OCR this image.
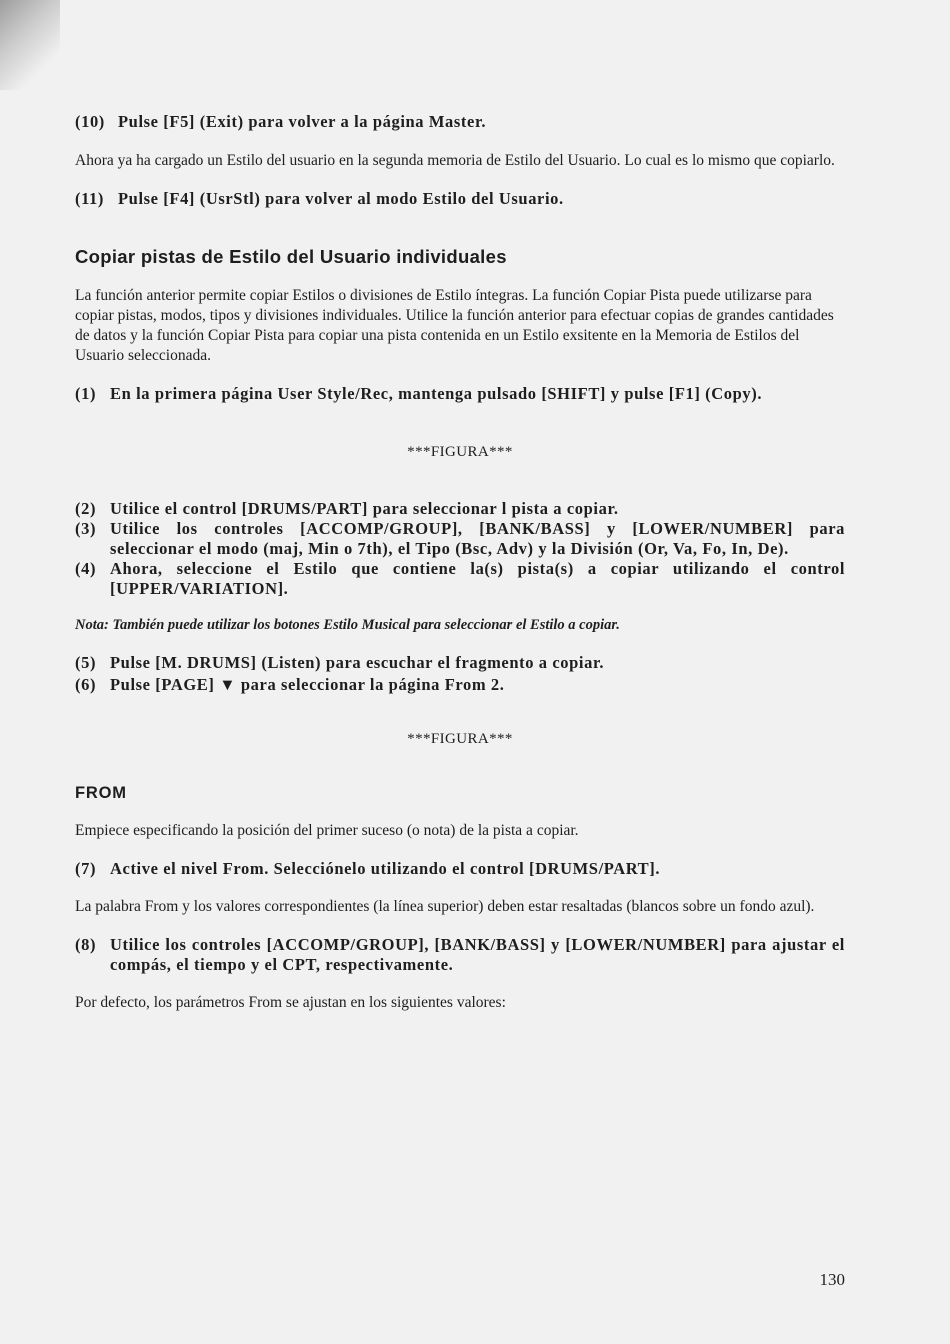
(10) Pulse [F5] (Exit) para volver a la página Master.

Ahora ya ha cargado un Estilo del usuario en la segunda memoria de Estilo del Usuario. Lo cual es lo mismo que copiarlo.

(11) Pulse [F4] (UsrStl) para volver al modo Estilo del Usuario.
Copiar pistas de Estilo del Usuario individuales

La función anterior permite copiar Estilos o divisiones de Estilo íntegras. La función Copiar Pista puede utilizarse para copiar pistas, modos, tipos y divisiones individuales. Utilice la función anterior para efectuar copias de grandes cantidades de datos y la función Copiar Pista para copiar una pista contenida en un Estilo exsitente en la Memoria de Estilos del Usuario seleccionada.

(1) En la primera página User Style/Rec, mantenga pulsado [SHIFT] y pulse [F1] (Copy).
***FIGURA***
(2) Utilice el control [DRUMS/PART] para seleccionar l pista a copiar.
(3) Utilice los controles [ACCOMP/GROUP], [BANK/BASS] y [LOWER/NUMBER] para seleccionar el modo (maj, Min o 7th), el Tipo (Bsc, Adv) y la División (Or, Va, Fo, In, De).
(4) Ahora, seleccione el Estilo que contiene la(s) pista(s) a copiar utilizando el control [UPPER/VARIATION].
Nota: También puede utilizar los botones Estilo Musical para seleccionar el Estilo a copiar.
(5) Pulse [M. DRUMS] (Listen) para escuchar el fragmento a copiar.
(6) Pulse [PAGE] ▼ para seleccionar la página From 2.
***FIGURA***
FROM

Empiece especificando la posición del primer suceso (o nota) de la pista a copiar.

(7) Active el nivel From. Selecciónelo utilizando el control [DRUMS/PART].

La palabra From y los valores correspondientes (la línea superior) deben estar resaltadas (blancos sobre un fondo azul).

(8) Utilice los controles [ACCOMP/GROUP], [BANK/BASS] y [LOWER/NUMBER] para ajustar el compás, el tiempo y el CPT, respectivamente.

Por defecto, los parámetros From se ajustan en los siguientes valores:

130
